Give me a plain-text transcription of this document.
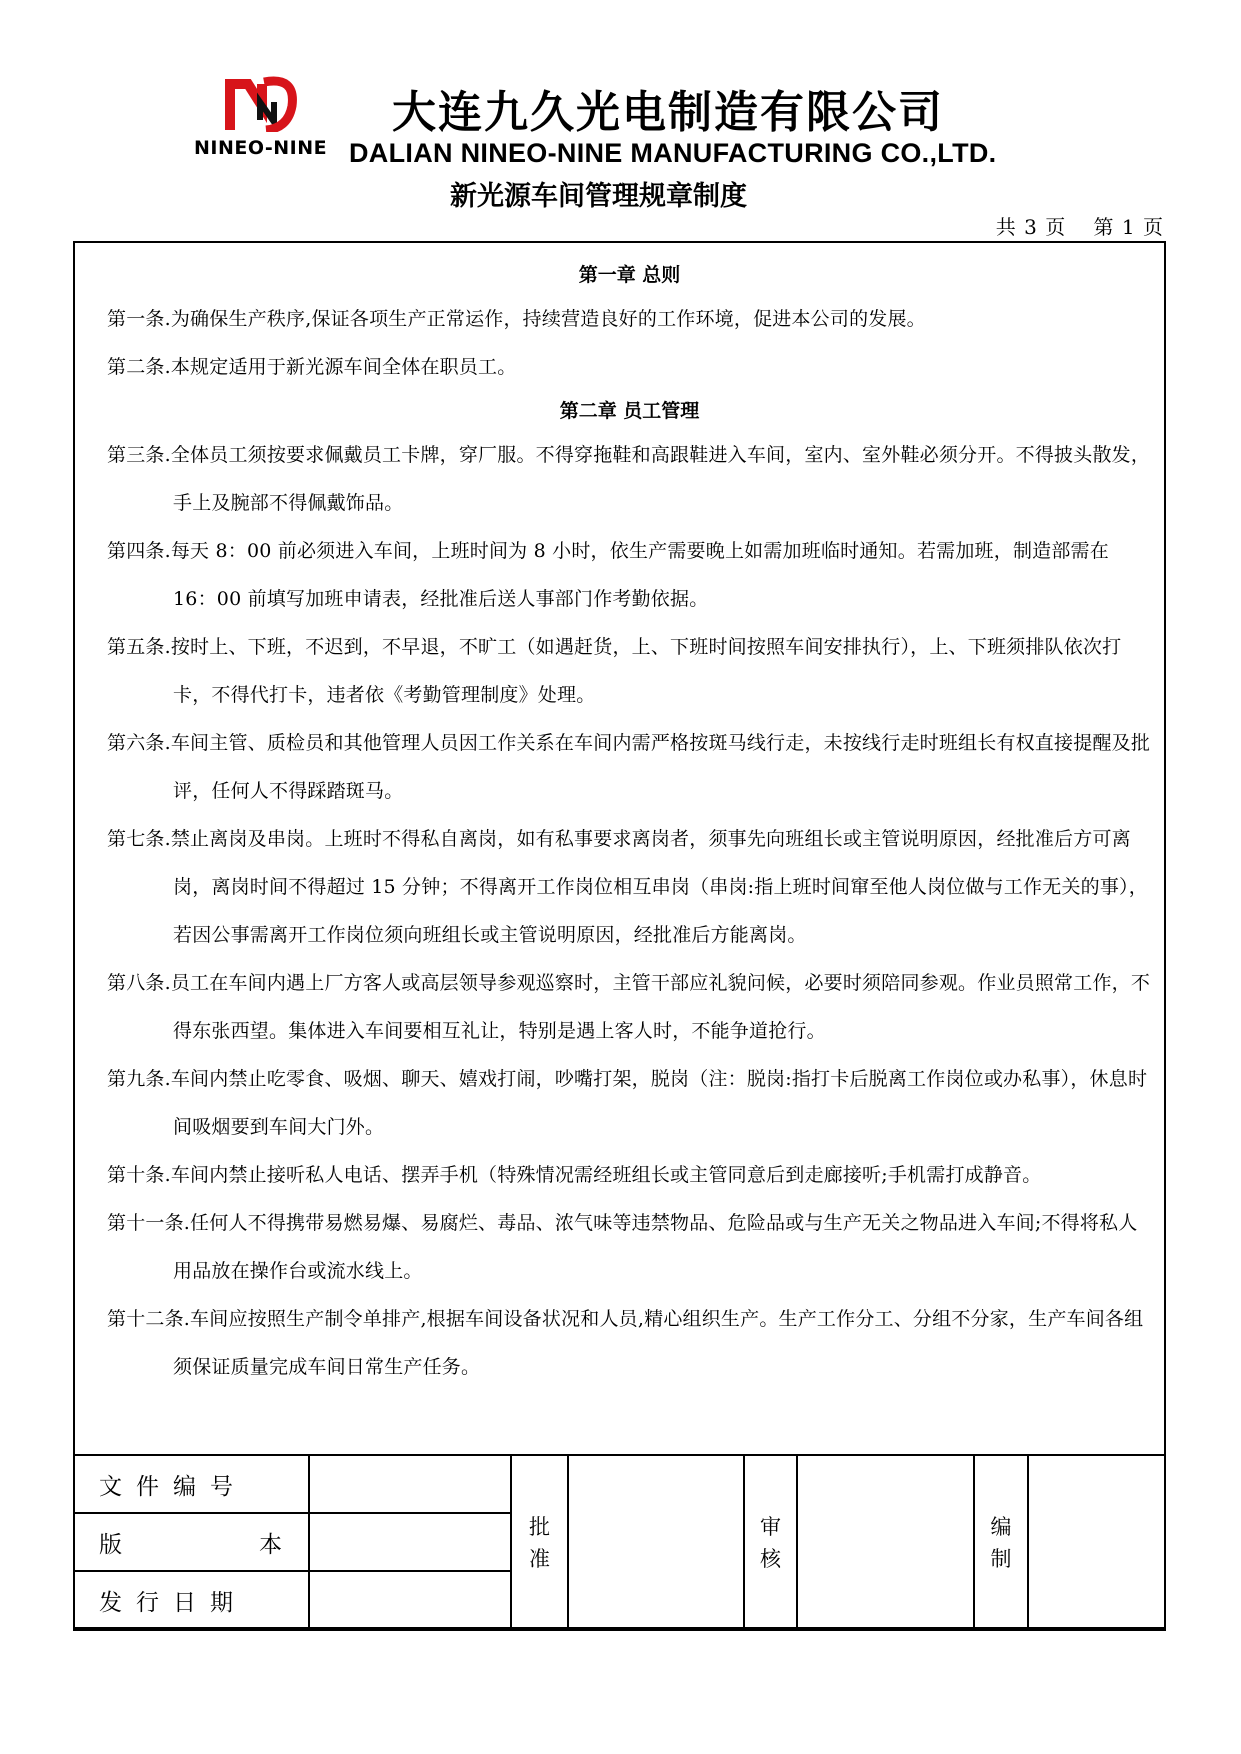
NINEO-NINE
大连九久光电制造有限公司
DALIAN NINEO-NINE MANUFACTURING CO.,LTD.
新光源车间管理规章制度
共 3 页　 第 1 页
第一章 总则
第一条.为确保生产秩序,保证各项生产正常运作，持续营造良好的工作环境，促进本公司的发展。
第二条.本规定适用于新光源车间全体在职员工。
第二章 员工管理
第三条.全体员工须按要求佩戴员工卡牌，穿厂服。不得穿拖鞋和高跟鞋进入车间，室内、室外鞋必须分开。不得披头散发，手上及腕部不得佩戴饰品。
第四条.每天 8：00 前必须进入车间，上班时间为 8 小时，依生产需要晚上如需加班临时通知。若需加班，制造部需在 16：00 前填写加班申请表，经批准后送人事部门作考勤依据。
第五条.按时上、下班，不迟到，不早退，不旷工（如遇赶货，上、下班时间按照车间安排执行），上、下班须排队依次打卡，不得代打卡，违者依《考勤管理制度》处理。
第六条.车间主管、质检员和其他管理人员因工作关系在车间内需严格按斑马线行走，未按线行走时班组长有权直接提醒及批评，任何人不得踩踏斑马。
第七条.禁止离岗及串岗。上班时不得私自离岗，如有私事要求离岗者，须事先向班组长或主管说明原因，经批准后方可离岗，离岗时间不得超过 15 分钟；不得离开工作岗位相互串岗（串岗:指上班时间窜至他人岗位做与工作无关的事），若因公事需离开工作岗位须向班组长或主管说明原因，经批准后方能离岗。
第八条.员工在车间内遇上厂方客人或高层领导参观巡察时，主管干部应礼貌问候，必要时须陪同参观。作业员照常工作，不得东张西望。集体进入车间要相互礼让，特别是遇上客人时，不能争道抢行。
第九条.车间内禁止吃零食、吸烟、聊天、嬉戏打闹，吵嘴打架，脱岗（注：脱岗:指打卡后脱离工作岗位或办私事），休息时间吸烟要到车间大门外。
第十条.车间内禁止接听私人电话、摆弄手机（特殊情况需经班组长或主管同意后到走廊接听;手机需打成静音。
第十一条.任何人不得携带易燃易爆、易腐烂、毒品、浓气味等违禁物品、危险品或与生产无关之物品进入车间;不得将私人用品放在操作台或流水线上。
第十二条.车间应按照生产制令单排产,根据车间设备状况和人员,精心组织生产。生产工作分工、分组不分家，生产车间各组须保证质量完成车间日常生产任务。
文件编号		批准		审核		编制	
版本							
发行日期							
